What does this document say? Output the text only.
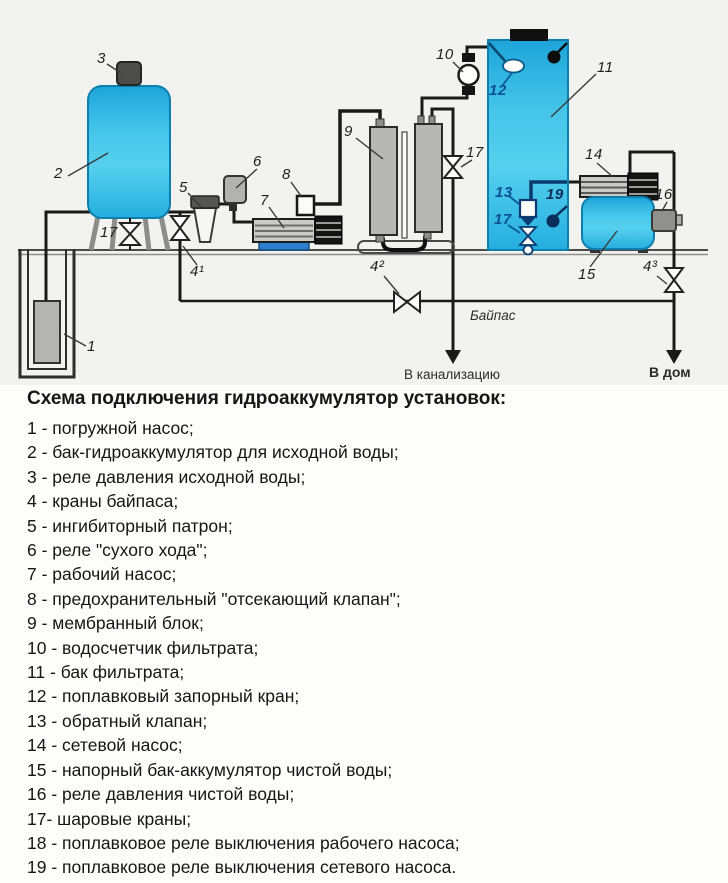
1
2
3
4¹	4²	4³
5
6
7
8
9
10
11
14
15
16
17
17
12
13
17
19
Байпас
В канализацию	В дом
Схема подключения гидроаккумулятор установок:
1 - погружной насос;
2 - бак-гидроаккумулятор для исходной воды;
3 - реле давления исходной воды;
4 - краны байпаса;
5 - ингибиторный патрон;
6 - реле "сухого хода";
7 - рабочий насос;
8 - предохранительный "отсекающий клапан";
9 - мембранный блок;
10 - водосчетчик фильтрата;
11 - бак фильтрата;
12 - поплавковый запорный кран;
13 - обратный клапан;
14 - сетевой насос;
15 - напорный бак-аккумулятор чистой воды;
16 - реле давления чистой воды;
17- шаровые краны;
18 - поплавковое реле выключения рабочего насоса;
19 - поплавковое реле выключения сетевого насоса.
